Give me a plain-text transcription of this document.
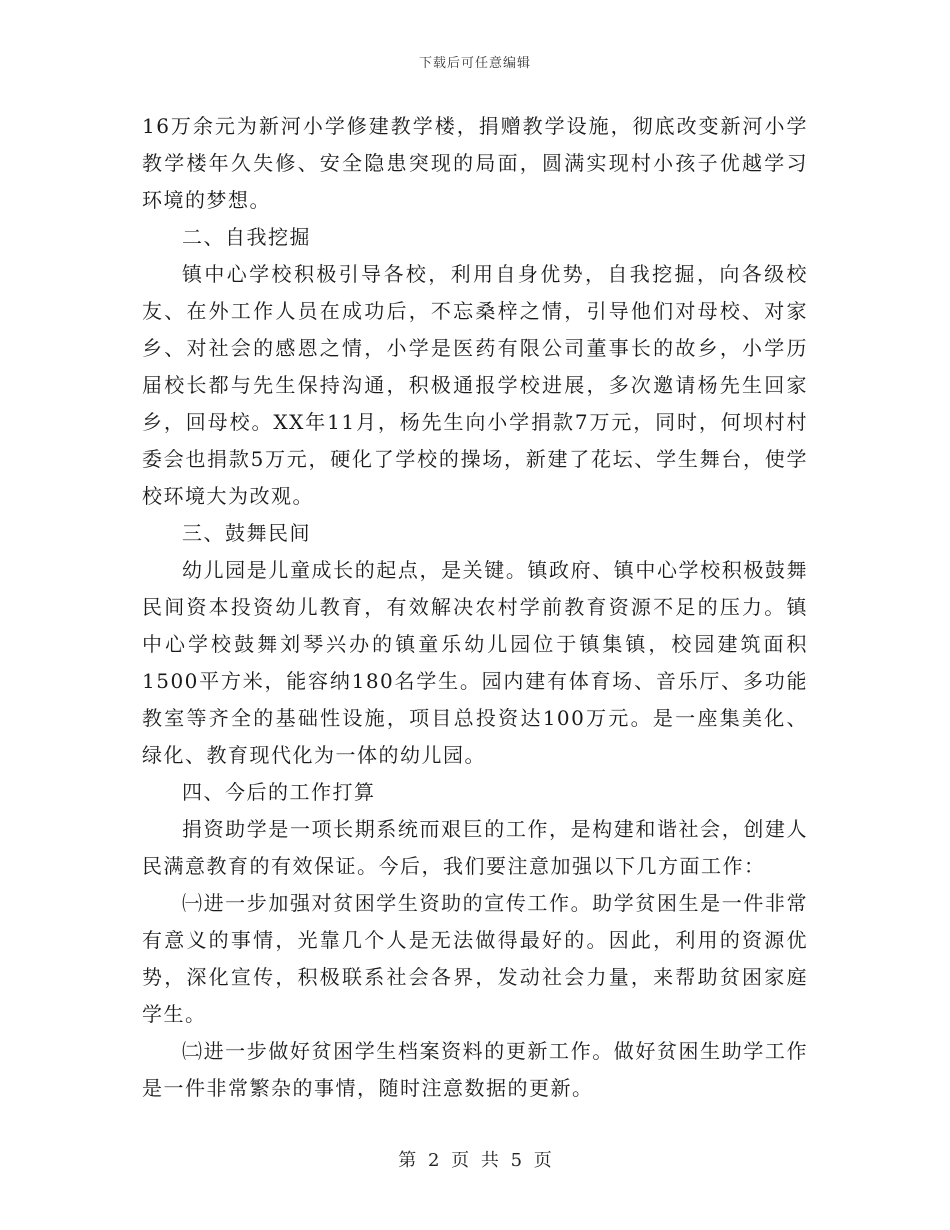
下载后可任意编辑

16万余元为新河小学修建教学楼，捐赠教学设施，彻底改变新河小学教学楼年久失修、安全隐患突现的局面，圆满实现村小孩子优越学习环境的梦想。

二、自我挖掘

镇中心学校积极引导各校，利用自身优势，自我挖掘，向各级校友、在外工作人员在成功后，不忘桑梓之情，引导他们对母校、对家乡、对社会的感恩之情，小学是医药有限公司董事长的故乡，小学历届校长都与先生保持沟通，积极通报学校进展，多次邀请杨先生回家乡，回母校。XX年11月，杨先生向小学捐款7万元，同时，何坝村村委会也捐款5万元，硬化了学校的操场，新建了花坛、学生舞台，使学校环境大为改观。

三、鼓舞民间

幼儿园是儿童成长的起点，是关键。镇政府、镇中心学校积极鼓舞民间资本投资幼儿教育，有效解决农村学前教育资源不足的压力。镇中心学校鼓舞刘琴兴办的镇童乐幼儿园位于镇集镇，校园建筑面积1500平方米，能容纳180名学生。园内建有体育场、音乐厅、多功能教室等齐全的基础性设施，项目总投资达100万元。是一座集美化、绿化、教育现代化为一体的幼儿园。

四、今后的工作打算

捐资助学是一项长期系统而艰巨的工作，是构建和谐社会，创建人民满意教育的有效保证。今后，我们要注意加强以下几方面工作：

㈠进一步加强对贫困学生资助的宣传工作。助学贫困生是一件非常有意义的事情，光靠几个人是无法做得最好的。因此，利用的资源优势，深化宣传，积极联系社会各界，发动社会力量，来帮助贫困家庭学生。

㈡进一步做好贫困学生档案资料的更新工作。做好贫困生助学工作是一件非常繁杂的事情，随时注意数据的更新。

第 2 页 共 5 页
